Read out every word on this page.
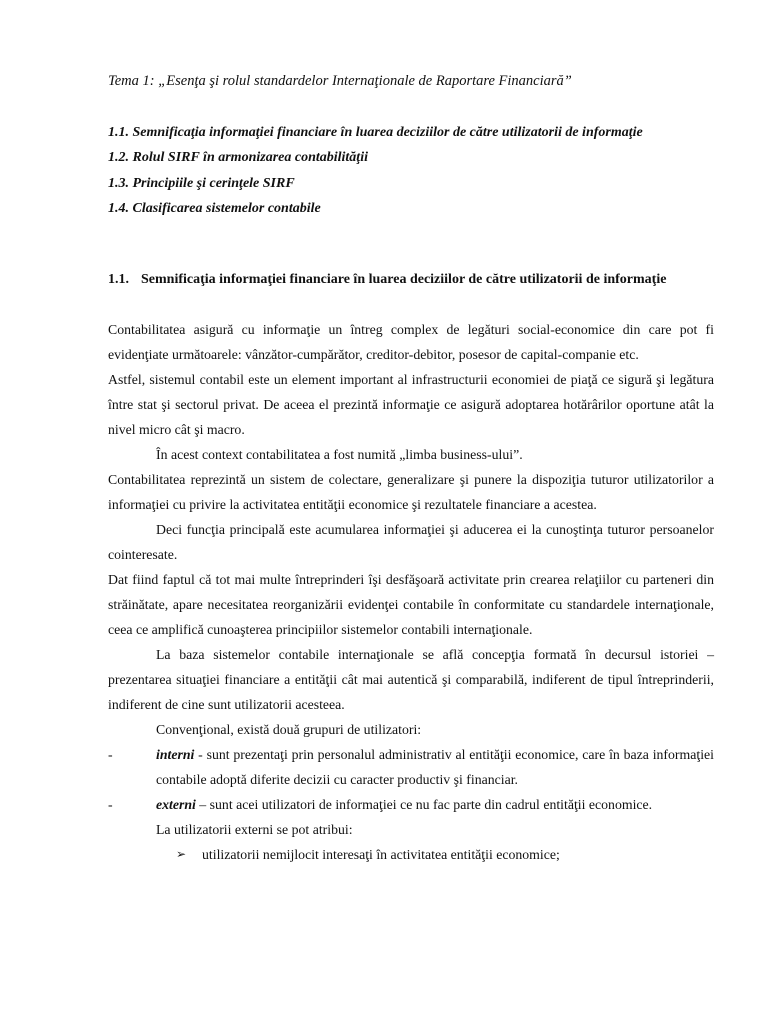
Tema 1: „Esenţa şi rolul standardelor Internaţionale de Raportare Financiară”
1.1. Semnificaţia informaţiei financiare în luarea deciziilor de către utilizatorii de informaţie
1.2. Rolul SIRF în armonizarea contabilităţii
1.3. Principiile şi cerinţele SIRF
1.4. Clasificarea sistemelor contabile
1.1. Semnificaţia informaţiei financiare în luarea deciziilor de către utilizatorii de informaţie

Contabilitatea asigură cu informaţie un întreg complex de legături social-economice din care pot fi evidenţiate următoarele: vânzător-cumpărător, creditor-debitor, posesor de capital-companie etc.

Astfel, sistemul contabil este un element important al infrastructurii economiei de piaţă ce sigură şi legătura între stat şi sectorul privat. De aceea el prezintă informaţie ce asigură adoptarea hotărârilor oportune atât la nivel micro cât şi macro.

În acest context contabilitatea a fost numită „limba business-ului”.

Contabilitatea reprezintă un sistem de colectare, generalizare şi punere la dispoziţia tuturor utilizatorilor a informaţiei cu privire la activitatea entităţii economice şi rezultatele financiare a acestea.

Deci funcţia principală este acumularea informaţiei şi aducerea ei la cunoştinţa tuturor persoanelor cointeresate.

Dat fiind faptul că tot mai multe întreprinderi îşi desfăşoară activitate prin crearea relaţiilor cu parteneri din străinătate, apare necesitatea reorganizării evidenţei contabile în conformitate cu standardele internaţionale, ceea ce amplifică cunoaşterea principiilor sistemelor contabili internaţionale.

La baza sistemelor contabile internaţionale se află concepţia formată în decursul istoriei – prezentarea situaţiei financiare a entităţii cât mai autentică şi comparabilă, indiferent de tipul întreprinderii, indiferent de cine sunt utilizatorii acesteea.

Convenţional, există două grupuri de utilizatori:

-	interni - sunt prezentaţi prin personalul administrativ al entităţii economice, care în baza informaţiei contabile adoptă diferite decizii cu caracter productiv şi financiar.
-	externi – sunt acei utilizatori de informaţiei ce nu fac parte din cadrul entităţii economice.

La utilizatorii externi se pot atribui:

➢	utilizatorii nemijlocit interesaţi în activitatea entităţii economice;
